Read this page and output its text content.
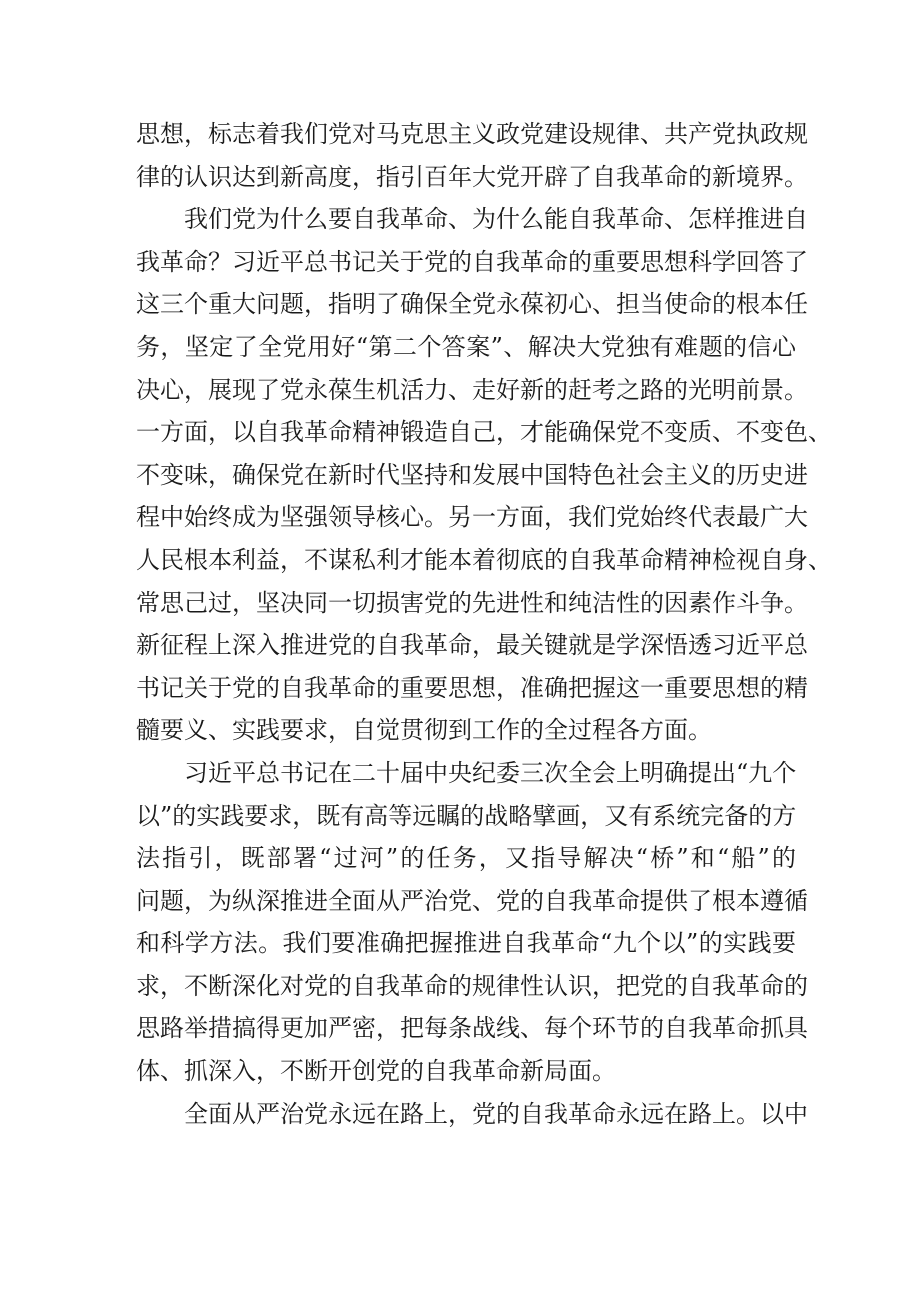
思想，标志着我们党对马克思主义政党建设规律、共产党执政规
律的认识达到新高度，指引百年大党开辟了自我革命的新境界。
我们党为什么要自我革命、为什么能自我革命、怎样推进自
我革命？习近平总书记关于党的自我革命的重要思想科学回答了
这三个重大问题，指明了确保全党永葆初心、担当使命的根本任
务，坚定了全党用好“第二个答案”、解决大党独有难题的信心
决心，展现了党永葆生机活力、走好新的赶考之路的光明前景。
一方面，以自我革命精神锻造自己，才能确保党不变质、不变色、
不变味，确保党在新时代坚持和发展中国特色社会主义的历史进
程中始终成为坚强领导核心。另一方面，我们党始终代表最广大
人民根本利益，不谋私利才能本着彻底的自我革命精神检视自身、
常思己过，坚决同一切损害党的先进性和纯洁性的因素作斗争。
新征程上深入推进党的自我革命，最关键就是学深悟透习近平总
书记关于党的自我革命的重要思想，准确把握这一重要思想的精
髓要义、实践要求，自觉贯彻到工作的全过程各方面。
习近平总书记在二十届中央纪委三次全会上明确提出“九个
以”的实践要求，既有高等远瞩的战略擘画，又有系统完备的方
法指引，既部署“过河”的任务，又指导解决“桥”和“船”的
问题，为纵深推进全面从严治党、党的自我革命提供了根本遵循
和科学方法。我们要准确把握推进自我革命“九个以”的实践要
求，不断深化对党的自我革命的规律性认识，把党的自我革命的
思路举措搞得更加严密，把每条战线、每个环节的自我革命抓具
体、抓深入，不断开创党的自我革命新局面。
全面从严治党永远在路上，党的自我革命永远在路上。以中
